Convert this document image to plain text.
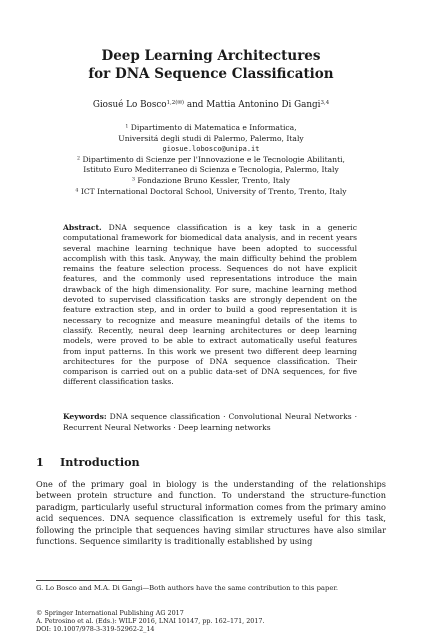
Deep Learning Architectures
for DNA Sequence Classification
Giosué Lo Bosco$^{1,2(✉)}$ and Mattia Antonino Di Gangi$^{3,4}$
$^1$ Dipartimento di Matematica e Informatica,
Universitá degli studi di Palermo, Palermo, Italy
giosue.lobosco@unipa.it
$^2$ Dipartimento di Scienze per l'Innovazione e le Tecnologie Abilitanti,
Istituto Euro Mediterraneo di Scienza e Tecnologia, Palermo, Italy
$^3$ Fondazione Bruno Kessler, Trento, Italy
$^4$ ICT International Doctoral School, University of Trento, Trento, Italy
Abstract. DNA sequence classification is a key task in a generic computational framework for biomedical data analysis, and in recent years several machine learning technique have been adopted to successful accomplish with this task. Anyway, the main difficulty behind the problem remains the feature selection process. Sequences do not have explicit features, and the commonly used representations introduce the main drawback of the high dimensionality. For sure, machine learning method devoted to supervised classification tasks are strongly dependent on the feature extraction step, and in order to build a good representation it is necessary to recognize and measure meaningful details of the items to classify. Recently, neural deep learning architectures or deep learning models, were proved to be able to extract automatically useful features from input patterns. In this work we present two different deep learning architectures for the purpose of DNA sequence classification. Their comparison is carried out on a public data-set of DNA sequences, for five different classification tasks.
Keywords: DNA sequence classification · Convolutional Neural Networks · Recurrent Neural Networks · Deep learning networks
1 Introduction
One of the primary goal in biology is the understanding of the relationships between protein structure and function. To understand the structure-function paradigm, particularly useful structural information comes from the primary amino acid sequences. DNA sequence classification is extremely useful for this task, following the principle that sequences having similar structures have also similar functions. Sequence similarity is traditionally established by using
G. Lo Bosco and M.A. Di Gangi—Both authors have the same contribution to this paper.
© Springer International Publishing AG 2017
A. Petrosino et al. (Eds.): WILF 2016, LNAI 10147, pp. 162–171, 2017.
DOI: 10.1007/978-3-319-52962-2_14
